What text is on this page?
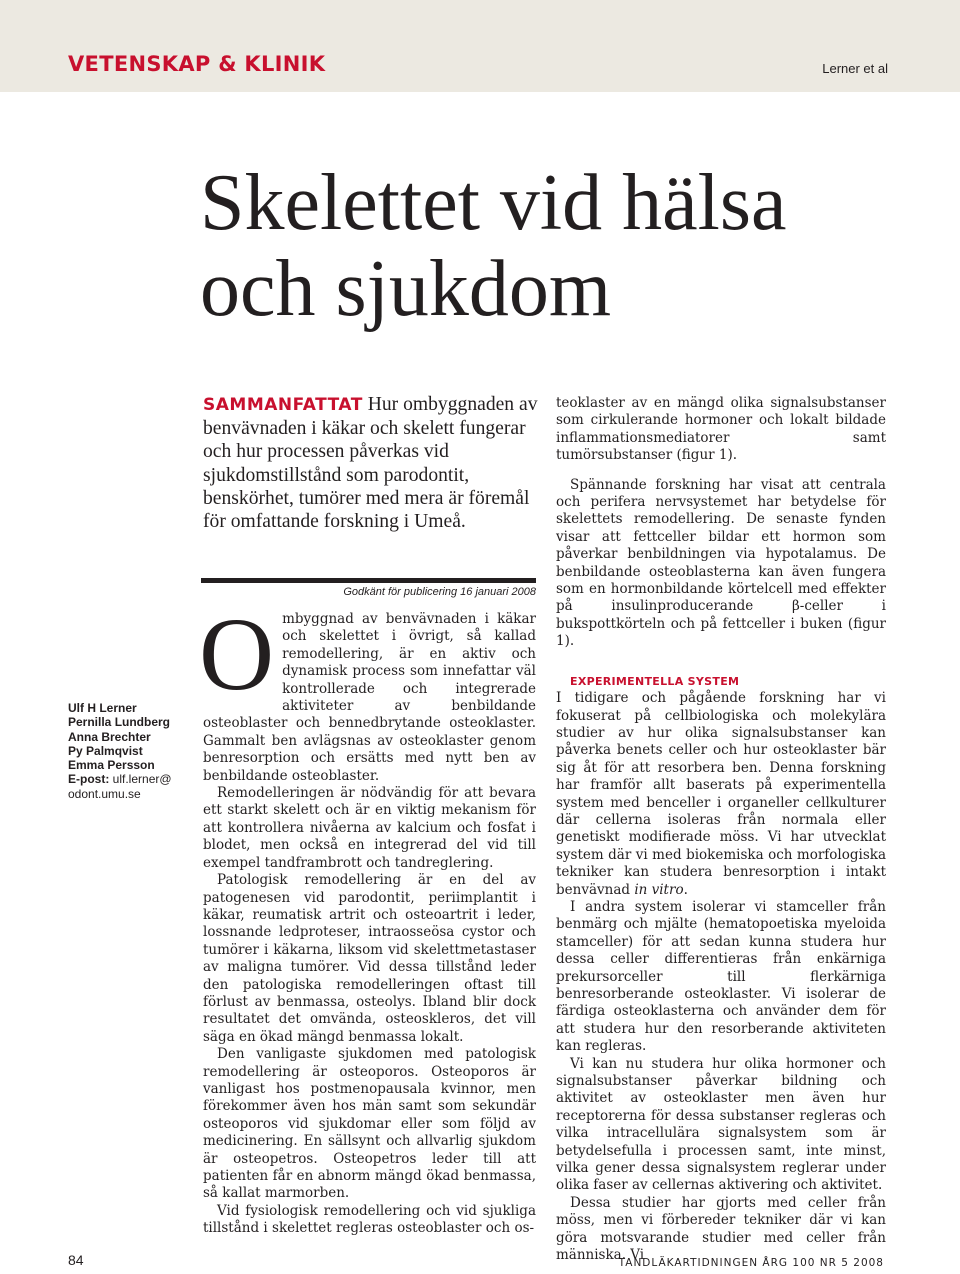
VETENSKAP & KLINIK	Lerner et al
Skelettet vid hälsa
och sjukdom
Ulf H Lerner
Pernilla Lundberg
Anna Brechter
Py Palmqvist
Emma Persson
E-post: ulf.lerner@
odont.umu.se

SAMMANFATTAT Hur ombyggnaden av benvävnaden i käkar och skelett fungerar och hur processen påverkas vid sjukdomstillstånd som parodontit, benskörhet, tumörer med mera är föremål för omfattande forskning i Umeå.

Godkänt för publicering 16 januari 2008

Ombyggnad av benvävnaden i käkar och skelettet i övrigt, så kallad remodellering, är en aktiv och dynamisk process som innefattar väl kontrollerade och integrerade aktiviteter av benbildande osteoblaster och bennedbrytande osteoklaster. Gammalt ben avlägsnas av osteoklaster genom benresorption och ersätts med nytt ben av benbildande osteoblaster.

Remodelleringen är nödvändig för att bevara ett starkt skelett och är en viktig mekanism för att kontrollera nivåerna av kalcium och fosfat i blodet, men också en integrerad del vid till exempel tandframbrott och tandreglering.

Patologisk remodellering är en del av patogenesen vid parodontit, periimplantit i käkar, reumatisk artrit och osteoartrit i leder, lossnande ledproteser, intraosseösa cystor och tumörer i käkarna, liksom vid skelettmetastaser av maligna tumörer. Vid dessa tillstånd leder den patologiska remodelleringen oftast till förlust av benmassa, osteolys. Ibland blir dock resultatet det omvända, osteoskleros, det vill säga en ökad mängd benmassa lokalt.

Den vanligaste sjukdomen med patologisk remodellering är osteoporos. Osteoporos är vanligast hos postmenopausala kvinnor, men förekommer även hos män samt som sekundär osteoporos vid sjukdomar eller som följd av medicinering. En sällsynt och allvarlig sjukdom är osteopetros. Osteopetros leder till att patienten får en abnorm mängd ökad benmassa, så kallat marmorben.

Vid fysiologisk remodellering och vid sjukliga tillstånd i skelettet regleras osteoblaster och os-

teoklaster av en mängd olika signalsubstanser som cirkulerande hormoner och lokalt bildade inflammationsmediatorer samt tumörsubstanser (figur 1).

Spännande forskning har visat att centrala och perifera nervsystemet har betydelse för skelettets remodellering. De senaste fynden visar att fettceller bildar ett hormon som påverkar benbildningen via hypotalamus. De benbildande osteoblasterna kan även fungera som en hormonbildande körtelcell med effekter på insulinproducerande β-celler i bukspottkörteln och på fettceller i buken (figur 1).

EXPERIMENTELLA SYSTEM

I tidigare och pågående forskning har vi fokuserat på cellbiologiska och molekylära studier av hur olika signalsubstanser kan påverka benets celler och hur osteoklaster bär sig åt för att resorbera ben. Denna forskning har framför allt baserats på experimentella system med benceller i organeller cellkulturer där cellerna isoleras från normala eller genetiskt modifierade möss. Vi har utvecklat system där vi med biokemiska och morfologiska tekniker kan studera benresorption i intakt benvävnad in vitro.

I andra system isolerar vi stamceller från benmärg och mjälte (hematopoetiska myeloida stamceller) för att sedan kunna studera hur dessa celler differentieras från enkärniga prekursorceller till flerkärniga benresorberande osteoklaster. Vi isolerar de färdiga osteoklasterna och använder dem för att studera hur den resorberande aktiviteten kan regleras.

Vi kan nu studera hur olika hormoner och signalsubstanser påverkar bildning och aktivitet av osteoklaster men även hur receptorerna för dessa substanser regleras och vilka intracellulära signalsystem som är betydelsefulla i processen samt, inte minst, vilka gener dessa signalsystem reglerar under olika faser av cellernas aktivering och aktivitet.

Dessa studier har gjorts med celler från möss, men vi förbereder tekniker där vi kan göra motsvarande studier med celler från människa. Vi

84	TANDLÄKARTIDNINGEN ÅRG 100 NR 5 2008
